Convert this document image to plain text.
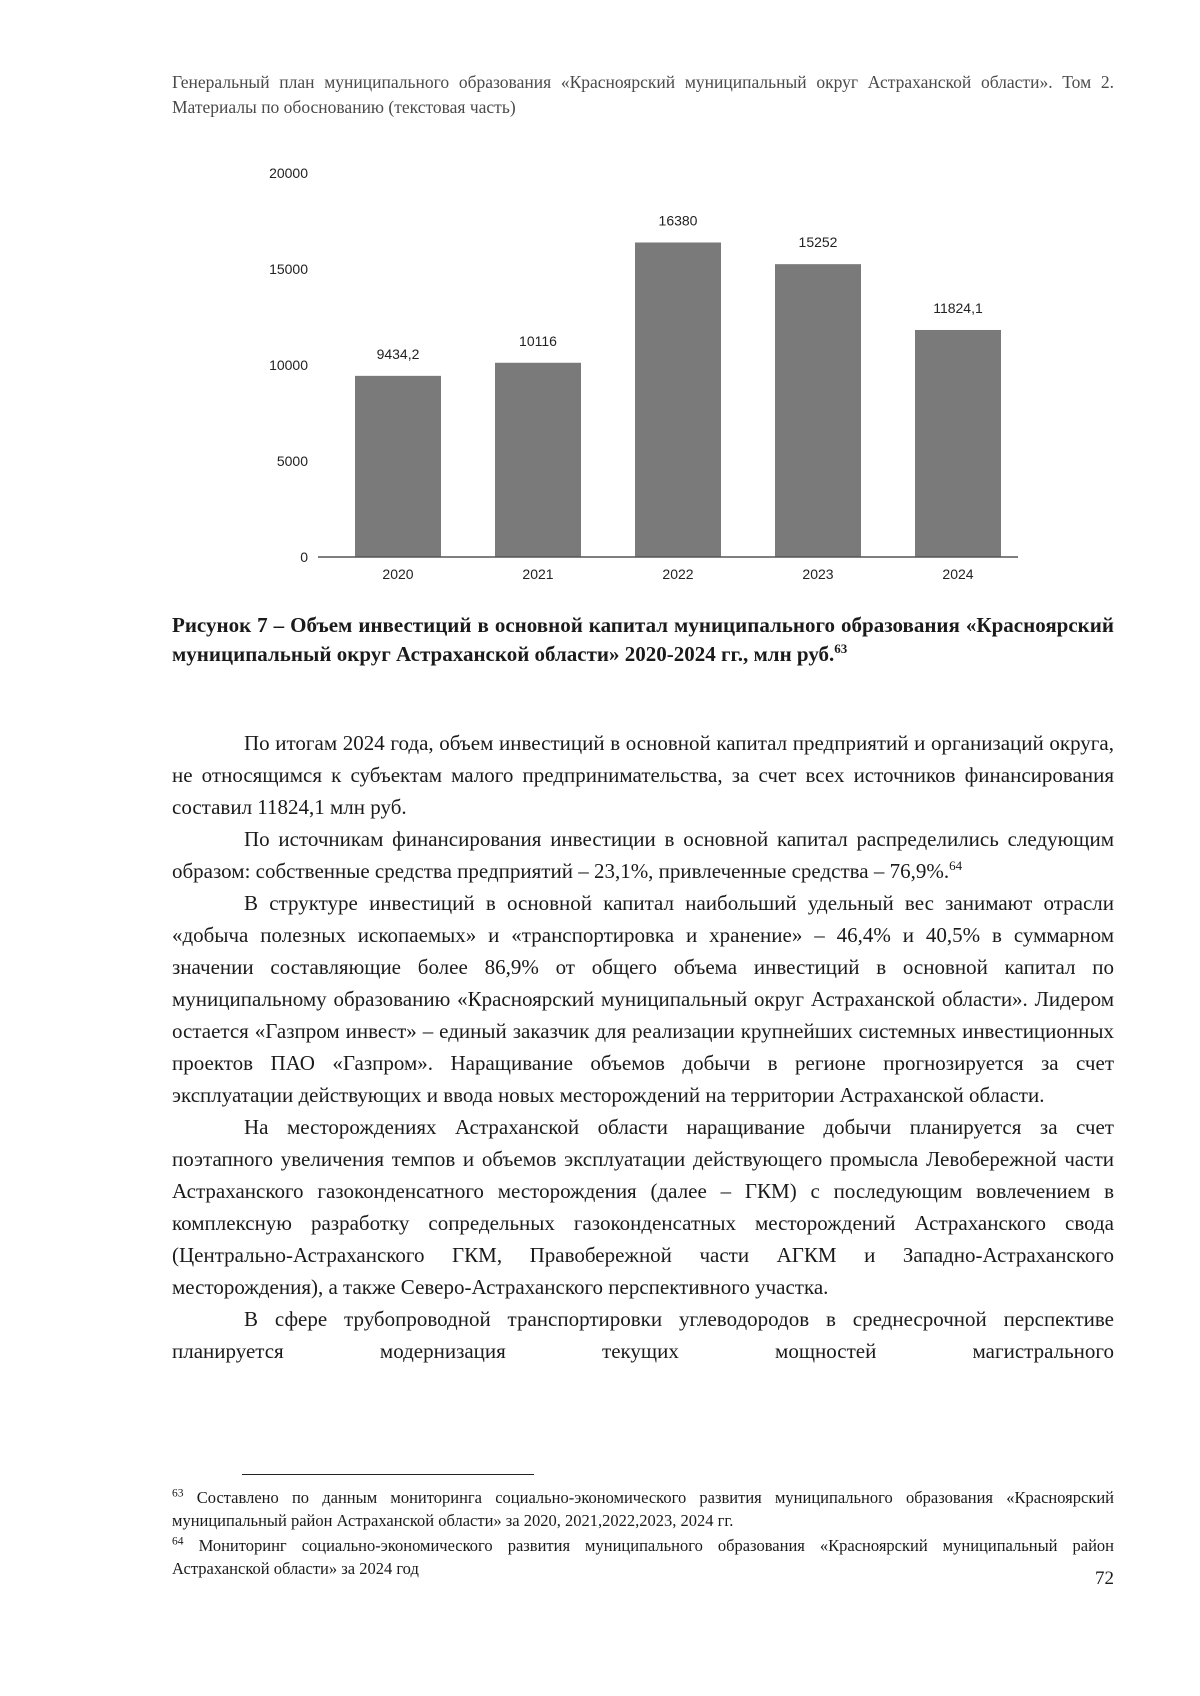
Генеральный план муниципального образования «Красноярский муниципальный округ Астраханской области». Том 2. Материалы по обоснованию (текстовая часть)
0
5000
10000
15000
20000
9434,2
2020
10116
2021
16380
2022
15252
2023
11824,1
2024
Рисунок 7 – Объем инвестиций в основной капитал муниципального образования «Красноярский муниципальный округ Астраханской области» 2020-2024 гг., млн руб.$^{63}$

По итогам 2024 года, объем инвестиций в основной капитал предприятий и организаций округа, не относящимся к субъектам малого предпринимательства, за счет всех источников финансирования составил 11824,1 млн руб.

По источникам финансирования инвестиции в основной капитал распределились следующим образом: собственные средства предприятий – 23,1%, привлеченные средства – 76,9%.$^{64}$

В структуре инвестиций в основной капитал наибольший удельный вес занимают отрасли «добыча полезных ископаемых» и «транспортировка и хранение» – 46,4% и 40,5% в суммарном значении составляющие более 86,9% от общего объема инвестиций в основной капитал по муниципальному образованию «Красноярский муниципальный округ Астраханской области». Лидером остается «Газпром инвест» – единый заказчик для реализации крупнейших системных инвестиционных проектов ПАО «Газпром». Наращивание объемов добычи в регионе прогнозируется за счет эксплуатации действующих и ввода новых месторождений на территории Астраханской области.

На месторождениях Астраханской области наращивание добычи планируется за счет поэтапного увеличения темпов и объемов эксплуатации действующего промысла Левобережной части Астраханского газоконденсатного месторождения (далее – ГКМ) с последующим вовлечением в комплексную разработку сопредельных газоконденсатных месторождений Астраханского свода (Центрально-Астраханского ГКМ, Правобережной части АГКМ и Западно-Астраханского месторождения), а также Северо-Астраханского перспективного участка.

В сфере трубопроводной транспортировки углеводородов в среднесрочной перспективе планируется модернизация текущих мощностей магистрального

$^{63}$ Составлено по данным мониторинга социально-экономического развития муниципального образования «Красноярский муниципальный район Астраханской области» за 2020, 2021,2022,2023, 2024 гг.

$^{64}$ Мониторинг социально-экономического развития муниципального образования «Красноярский муниципальный район Астраханской области» за 2024 год	72
